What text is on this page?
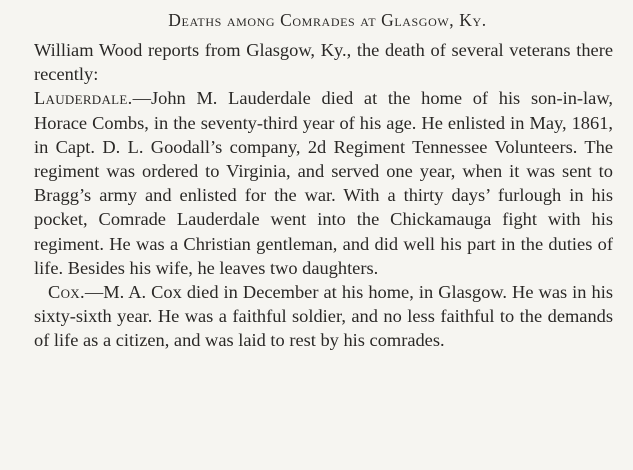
Deaths among Comrades at Glasgow, Ky.

William Wood reports from Glasgow, Ky., the death of several veterans there recently:

Lauderdale.—John M. Lauderdale died at the home of his son-in-law, Horace Combs, in the seventy-third year of his age. He enlisted in May, 1861, in Capt. D. L. Goodall’s company, 2d Regiment Tennessee Volunteers. The regiment was ordered to Virginia, and served one year, when it was sent to Bragg’s army and enlisted for the war. With a thirty days’ furlough in his pocket, Comrade Lauderdale went into the Chickamauga fight with his regiment. He was a Christian gentleman, and did well his part in the duties of life. Besides his wife, he leaves two daughters.

Cox.—M. A. Cox died in December at his home, in Glasgow. He was in his sixty-sixth year. He was a faithful soldier, and no less faithful to the demands of life as a citizen, and was laid to rest by his comrades.
